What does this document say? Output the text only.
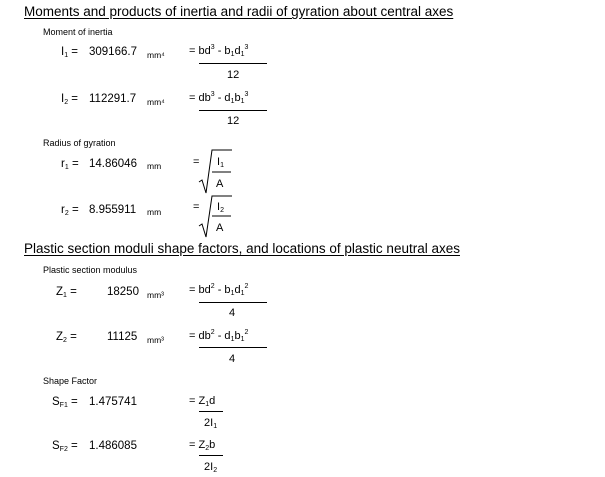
Moments and products of inertia and radii of gyration about central axes
Moment of inertia
$I_1 = 309166.7$ $mm^4 = bd^3 - b_1d_1^3$
12
$I_2 = 112291.7$ $mm^4 = db^3 - d_1b_1^3$
12
Radius of gyration
$r_1 = 14.86046$ mm	= $I_1$
A
$r_2 = 8.955911$ mm	= $I_2$
A
Plastic section moduli shape factors, and locations of plastic neutral axes
Plastic section modulus
$Z_1$ =	18250 $mm^3 = bd^2 - b_1d_1^2$
4
$Z_2$ =	11125 $mm^3 = db^2 - d_1b_1^2$
4
Shape Factor
$S_{F1} = 1.475741$	= $Z_1d$
$2I_1$
$S_{F2} = 1.486085$	= $Z_2b$
$2I_2$
